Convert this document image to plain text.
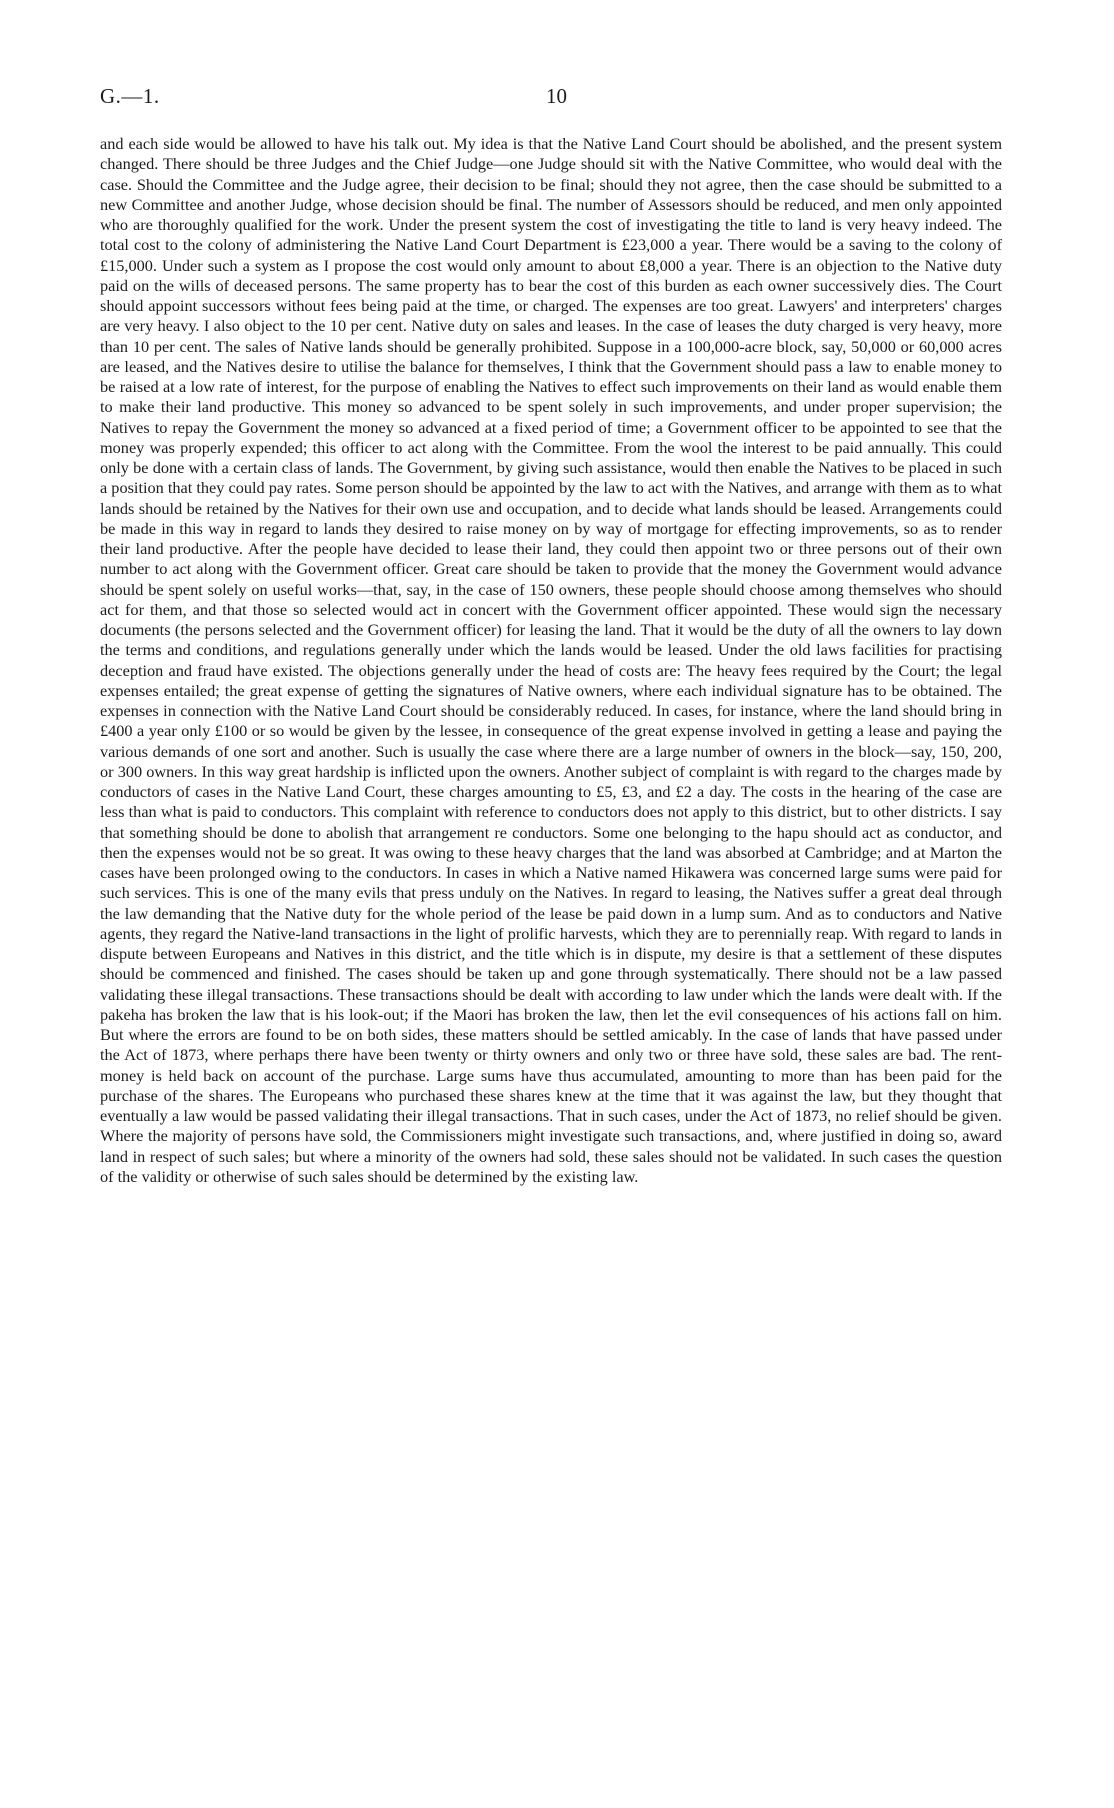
G.—1.	10

and each side would be allowed to have his talk out. My idea is that the Native Land Court should be abolished, and the present system changed. There should be three Judges and the Chief Judge—one Judge should sit with the Native Committee, who would deal with the case. Should the Committee and the Judge agree, their decision to be final; should they not agree, then the case should be submitted to a new Committee and another Judge, whose decision should be final. The number of Assessors should be reduced, and men only appointed who are thoroughly qualified for the work. Under the present system the cost of investigating the title to land is very heavy indeed. The total cost to the colony of administering the Native Land Court Department is £23,000 a year. There would be a saving to the colony of £15,000. Under such a system as I propose the cost would only amount to about £8,000 a year. There is an objection to the Native duty paid on the wills of deceased persons. The same property has to bear the cost of this burden as each owner successively dies. The Court should appoint successors without fees being paid at the time, or charged. The expenses are too great. Lawyers' and interpreters' charges are very heavy. I also object to the 10 per cent. Native duty on sales and leases. In the case of leases the duty charged is very heavy, more than 10 per cent. The sales of Native lands should be generally prohibited. Suppose in a 100,000-acre block, say, 50,000 or 60,000 acres are leased, and the Natives desire to utilise the balance for themselves, I think that the Government should pass a law to enable money to be raised at a low rate of interest, for the purpose of enabling the Natives to effect such improvements on their land as would enable them to make their land productive. This money so advanced to be spent solely in such improvements, and under proper supervision; the Natives to repay the Government the money so advanced at a fixed period of time; a Government officer to be appointed to see that the money was properly expended; this officer to act along with the Committee. From the wool the interest to be paid annually. This could only be done with a certain class of lands. The Government, by giving such assistance, would then enable the Natives to be placed in such a position that they could pay rates. Some person should be appointed by the law to act with the Natives, and arrange with them as to what lands should be retained by the Natives for their own use and occupation, and to decide what lands should be leased. Arrangements could be made in this way in regard to lands they desired to raise money on by way of mortgage for effecting improvements, so as to render their land productive. After the people have decided to lease their land, they could then appoint two or three persons out of their own number to act along with the Government officer. Great care should be taken to provide that the money the Government would advance should be spent solely on useful works—that, say, in the case of 150 owners, these people should choose among themselves who should act for them, and that those so selected would act in concert with the Government officer appointed. These would sign the necessary documents (the persons selected and the Government officer) for leasing the land. That it would be the duty of all the owners to lay down the terms and conditions, and regulations generally under which the lands would be leased. Under the old laws facilities for practising deception and fraud have existed. The objections generally under the head of costs are: The heavy fees required by the Court; the legal expenses entailed; the great expense of getting the signatures of Native owners, where each individual signature has to be obtained. The expenses in connection with the Native Land Court should be considerably reduced. In cases, for instance, where the land should bring in £400 a year only £100 or so would be given by the lessee, in consequence of the great expense involved in getting a lease and paying the various demands of one sort and another. Such is usually the case where there are a large number of owners in the block—say, 150, 200, or 300 owners. In this way great hardship is inflicted upon the owners. Another subject of complaint is with regard to the charges made by conductors of cases in the Native Land Court, these charges amounting to £5, £3, and £2 a day. The costs in the hearing of the case are less than what is paid to conductors. This complaint with reference to conductors does not apply to this district, but to other districts. I say that something should be done to abolish that arrangement re conductors. Some one belonging to the hapu should act as conductor, and then the expenses would not be so great. It was owing to these heavy charges that the land was absorbed at Cambridge; and at Marton the cases have been prolonged owing to the conductors. In cases in which a Native named Hikawera was concerned large sums were paid for such services. This is one of the many evils that press unduly on the Natives. In regard to leasing, the Natives suffer a great deal through the law demanding that the Native duty for the whole period of the lease be paid down in a lump sum. And as to conductors and Native agents, they regard the Native-land transactions in the light of prolific harvests, which they are to perennially reap. With regard to lands in dispute between Europeans and Natives in this district, and the title which is in dispute, my desire is that a settlement of these disputes should be commenced and finished. The cases should be taken up and gone through systematically. There should not be a law passed validating these illegal transactions. These transactions should be dealt with according to law under which the lands were dealt with. If the pakeha has broken the law that is his look-out; if the Maori has broken the law, then let the evil consequences of his actions fall on him. But where the errors are found to be on both sides, these matters should be settled amicably. In the case of lands that have passed under the Act of 1873, where perhaps there have been twenty or thirty owners and only two or three have sold, these sales are bad. The rent-money is held back on account of the purchase. Large sums have thus accumulated, amounting to more than has been paid for the purchase of the shares. The Europeans who purchased these shares knew at the time that it was against the law, but they thought that eventually a law would be passed validating their illegal transactions. That in such cases, under the Act of 1873, no relief should be given. Where the majority of persons have sold, the Commissioners might investigate such transactions, and, where justified in doing so, award land in respect of such sales; but where a minority of the owners had sold, these sales should not be validated. In such cases the question of the validity or otherwise of such sales should be determined by the existing law.
